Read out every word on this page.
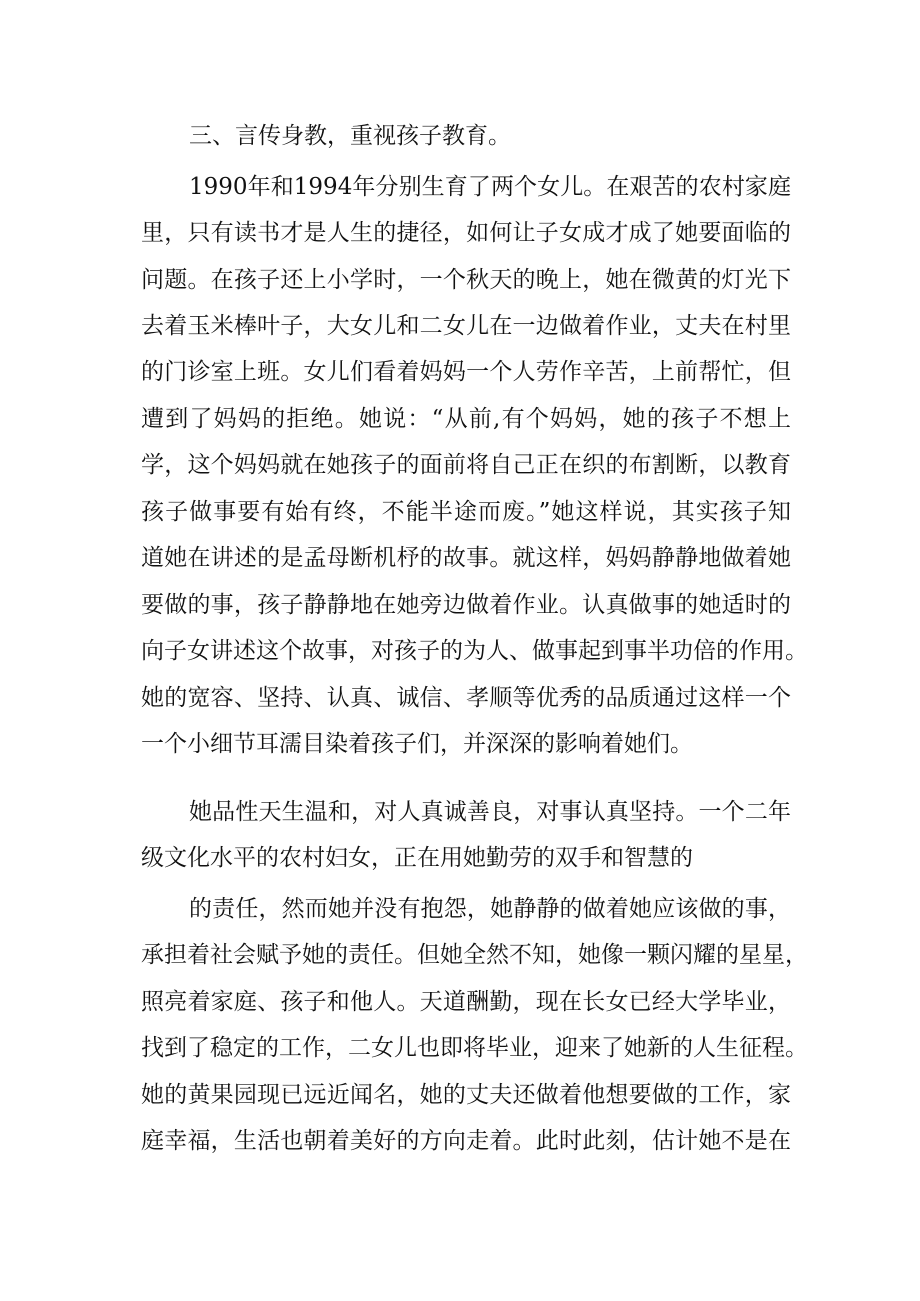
三、言传身教，重视孩子教育。
1990年和1994年分别生育了两个女儿。在艰苦的农村家庭
里，只有读书才是人生的捷径，如何让子女成才成了她要面临的
问题。在孩子还上小学时，一个秋天的晚上，她在微黄的灯光下
去着玉米棒叶子，大女儿和二女儿在一边做着作业，丈夫在村里
的门诊室上班。女儿们看着妈妈一个人劳作辛苦，上前帮忙，但
遭到了妈妈的拒绝。她说：“从前,有个妈妈，她的孩子不想上
学，这个妈妈就在她孩子的面前将自己正在织的布割断，以教育
孩子做事要有始有终，不能半途而废。”她这样说，其实孩子知
道她在讲述的是孟母断机杼的故事。就这样，妈妈静静地做着她
要做的事，孩子静静地在她旁边做着作业。认真做事的她适时的
向子女讲述这个故事，对孩子的为人、做事起到事半功倍的作用。
她的宽容、坚持、认真、诚信、孝顺等优秀的品质通过这样一个
一个小细节耳濡目染着孩子们，并深深的影响着她们。
她品性天生温和，对人真诚善良，对事认真坚持。一个二年
级文化水平的农村妇女，正在用她勤劳的双手和智慧的
的责任，然而她并没有抱怨，她静静的做着她应该做的事，
承担着社会赋予她的责任。但她全然不知，她像一颗闪耀的星星，
照亮着家庭、孩子和他人。天道酬勤，现在长女已经大学毕业，
找到了稳定的工作，二女儿也即将毕业，迎来了她新的人生征程。
她的黄果园现已远近闻名，她的丈夫还做着他想要做的工作，家
庭幸福，生活也朝着美好的方向走着。此时此刻，估计她不是在
